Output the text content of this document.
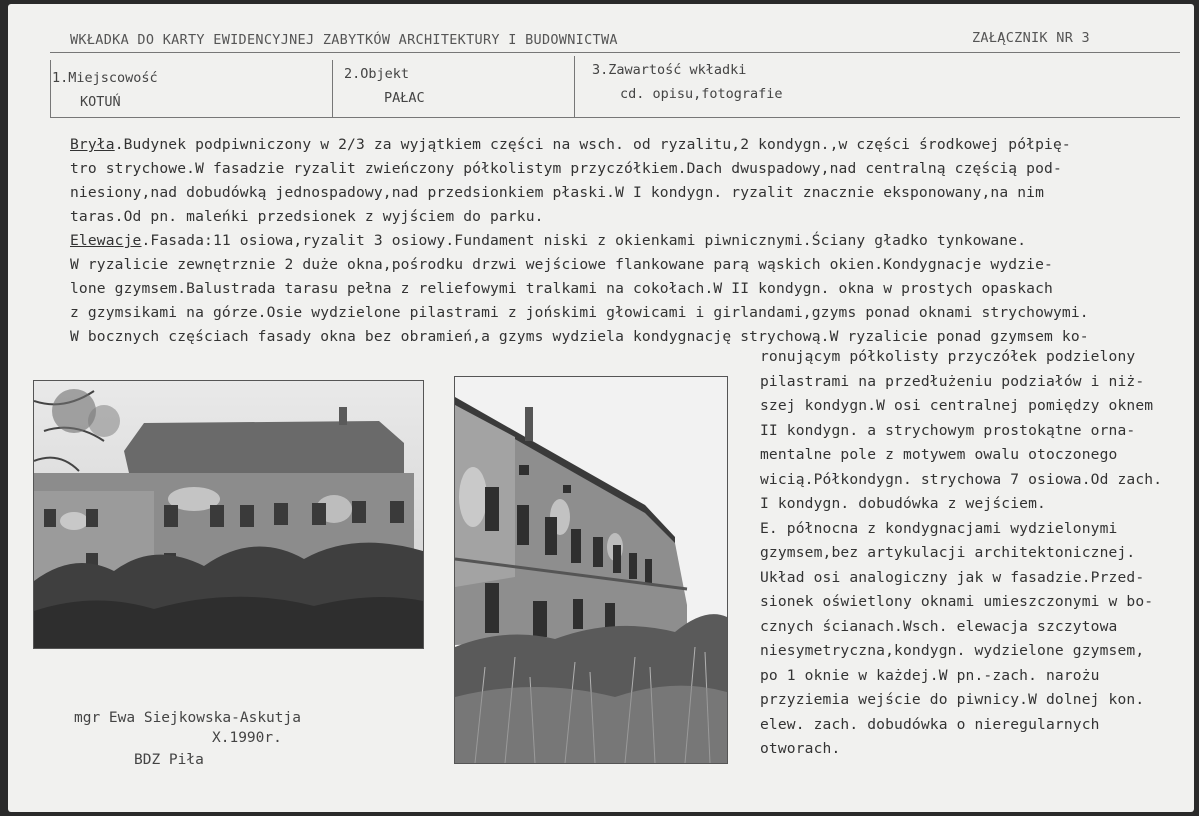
WKŁADKA DO KARTY EWIDENCYJNEJ ZABYTKÓW ARCHITEKTURY I BUDOWNICTWA	ZAŁĄCZNIK NR 3
1.Miejscowość
KOTUŃ
2.Objekt
PAŁAC
3.Zawartość wkładki
cd. opisu,fotografie
Bryła.Budynek podpiwniczony w 2/3 za wyjątkiem części na wsch. od ryzalitu,2 kondygn.,w części środkowej półpię-
tro strychowe.W fasadzie ryzalit zwieńczony półkolistym przyczółkiem.Dach dwuspadowy,nad centralną częścią pod-
niesiony,nad dobudówką jednospadowy,nad przedsionkiem płaski.W I kondygn. ryzalit znacznie eksponowany,na nim
taras.Od pn. maleńki przedsionek z wyjściem do parku.
Elewacje.Fasada:11 osiowa,ryzalit 3 osiowy.Fundament niski z okienkami piwnicznymi.Ściany gładko tynkowane.
W ryzalicie zewnętrznie 2 duże okna,pośrodku drzwi wejściowe flankowane parą wąskich okien.Kondygnacje wydzie-
lone gzymsem.Balustrada tarasu pełna z reliefowymi tralkami na cokołach.W II kondygn. okna w prostych opaskach
z gzymsikami na górze.Osie wydzielone pilastrami z jońskimi głowicami i girlandami,gzyms ponad oknami strychowymi.
W bocznych częściach fasady okna bez obramień,a gzyms wydziela kondygnację strychową.W ryzalicie ponad gzymsem ko-
ronującym półkolisty przyczółek podzielony
pilastrami na przedłużeniu podziałów i niż-
szej kondygn.W osi centralnej pomiędzy oknem
II kondygn. a strychowym prostokątne orna-
mentalne pole z motywem owalu otoczonego
wicią.Półkondygn. strychowa 7 osiowa.Od zach.
I kondygn. dobudówka z wejściem.
E. północna z kondygnacjami wydzielonymi
gzymsem,bez artykulacji architektonicznej.
Układ osi analogiczny jak w fasadzie.Przed-
sionek oświetlony oknami umieszczonymi w bo-
cznych ścianach.Wsch. elewacja szczytowa
niesymetryczna,kondygn. wydzielone gzymsem,
po 1 oknie w każdej.W pn.-zach. narożu
przyziemia wejście do piwnicy.W dolnej kon.
elew. zach. dobudówka o nieregularnych
otworach.
mgr Ewa Siejkowska-Askutja
X.1990r.
BDZ Piła
